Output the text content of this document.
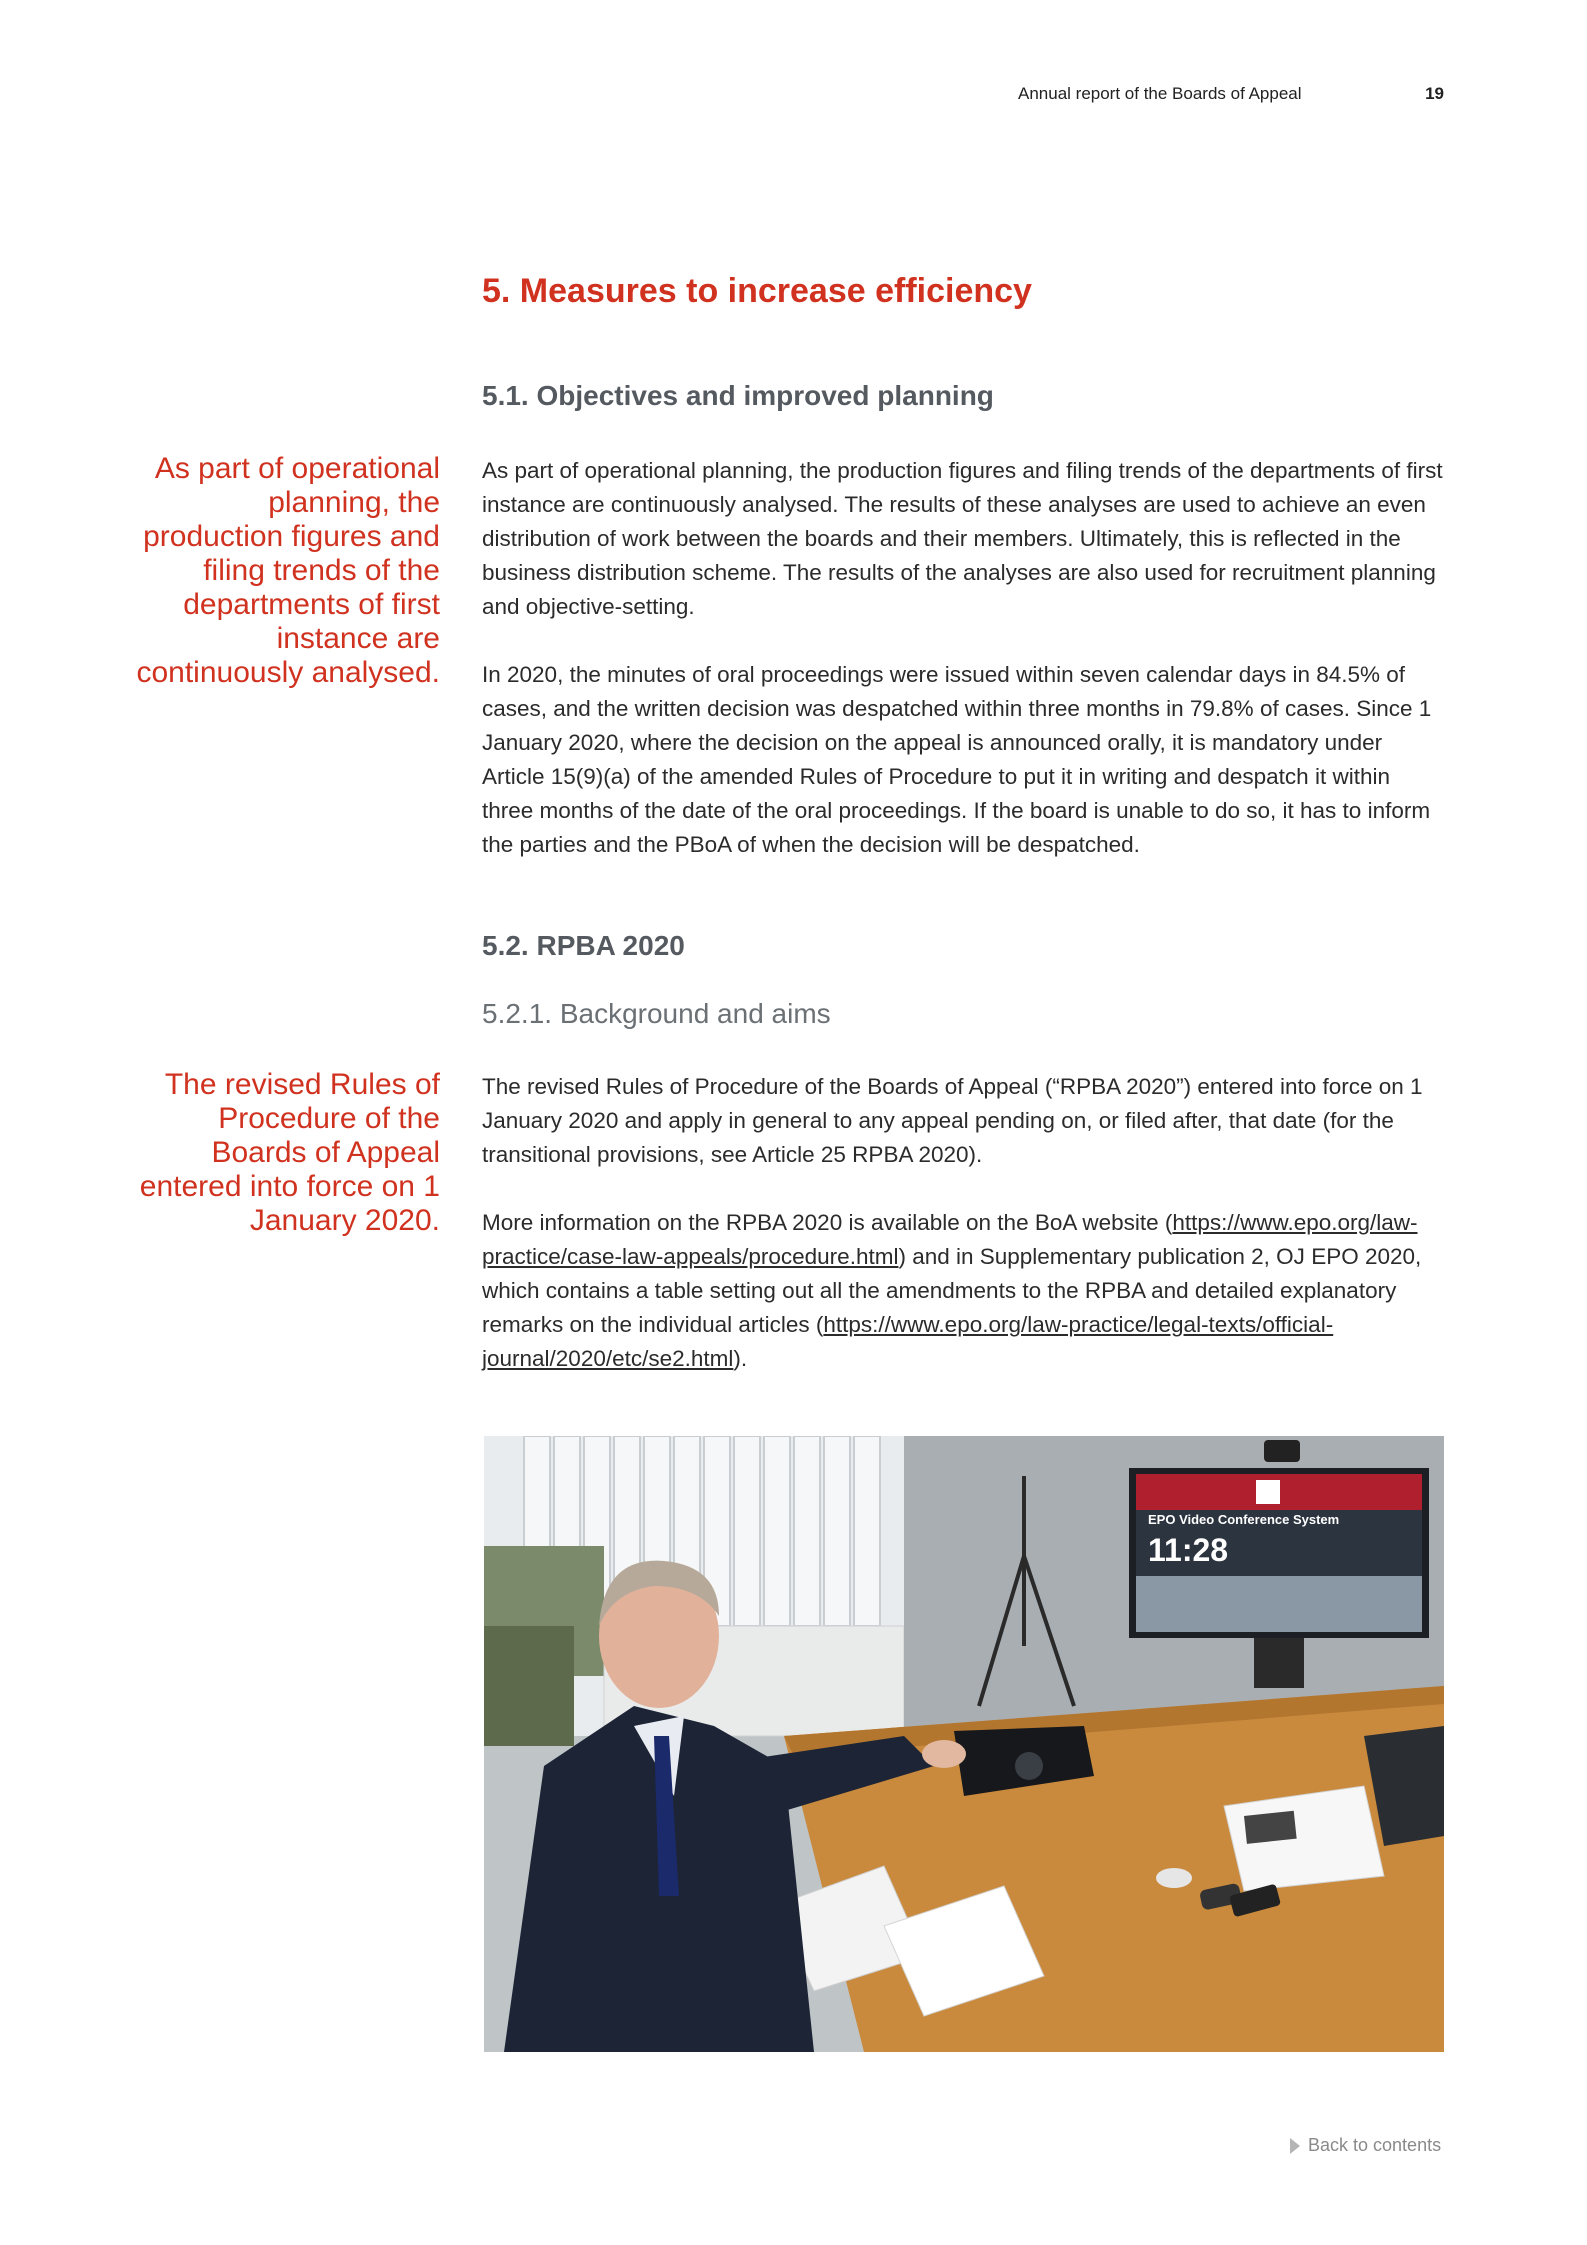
Annual report of the Boards of Appeal	19
5. Measures to increase efficiency
5.1. Objectives and improved planning
As part of operational planning, the production figures and filing trends of the departments of first instance are continuously analysed.

As part of operational planning, the production figures and filing trends of the departments of first instance are continuously analysed. The results of these analyses are used to achieve an even distribution of work between the boards and their members. Ultimately, this is reflected in the business distribution scheme. The results of the analyses are also used for recruitment planning and objective-setting.

In 2020, the minutes of oral proceedings were issued within seven calendar days in 84.5% of cases, and the written decision was despatched within three months in 79.8% of cases. Since 1 January 2020, where the decision on the appeal is announced orally, it is mandatory under Article 15(9)(a) of the amended Rules of Procedure to put it in writing and despatch it within three months of the date of the oral proceedings. If the board is unable to do so, it has to inform the parties and the PBoA of when the decision will be despatched.

5.2. RPBA 2020
5.2.1. Background and aims
The revised Rules of Procedure of the Boards of Appeal entered into force on 1 January 2020.

The revised Rules of Procedure of the Boards of Appeal (“RPBA 2020”) entered into force on 1 January 2020 and apply in general to any appeal pending on, or filed after, that date (for the transitional provisions, see Article 25 RPBA 2020).

More information on the RPBA 2020 is available on the BoA website (https://www.epo.org/law-practice/case-law-appeals/procedure.html) and in Supplementary publication 2, OJ EPO 2020, which contains a table setting out all the amendments to the RPBA and detailed explanatory remarks on the individual articles (https://www.epo.org/law-practice/legal-texts/official-journal/2020/etc/se2.html).

EPO Video Conference System
11:28
Back to contents
